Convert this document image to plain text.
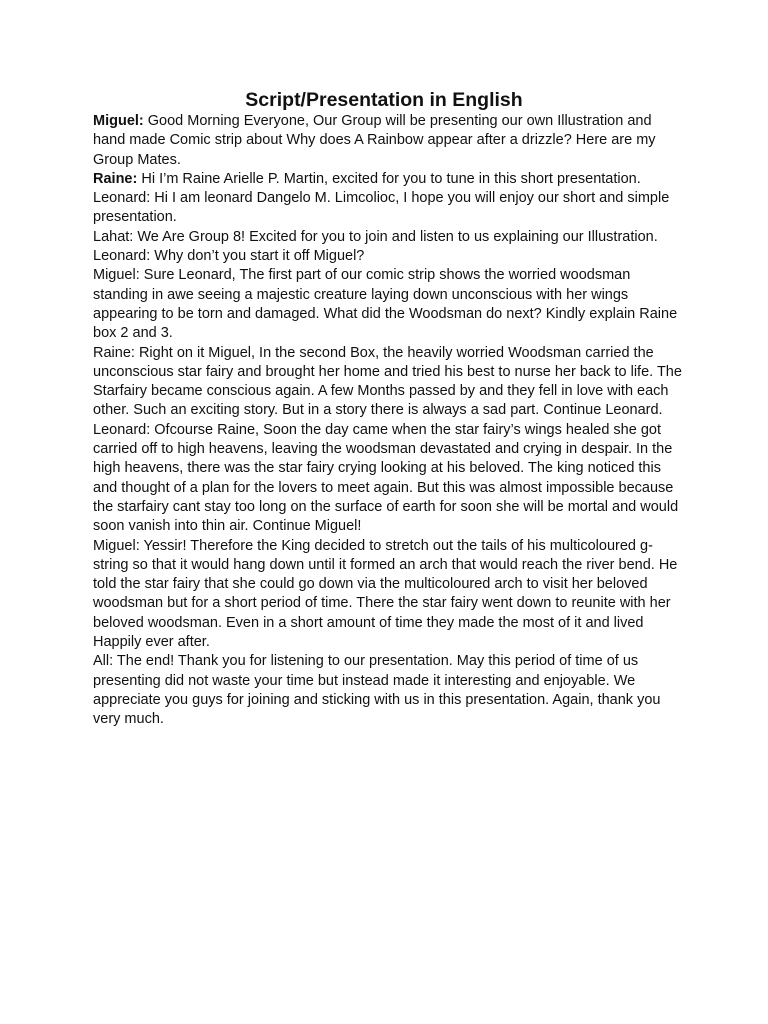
Script/Presentation in English

Miguel: Good Morning Everyone, Our Group will be presenting our own Illustration and hand made Comic strip about Why does A Rainbow appear after a drizzle? Here are my Group Mates.

Raine: Hi I’m Raine Arielle P. Martin, excited for you to tune in this short presentation.

Leonard: Hi I am leonard Dangelo M. Limcolioc, I hope you will enjoy our short and simple presentation.

Lahat: We Are Group 8! Excited for you to join and listen to us explaining our Illustration.

Leonard: Why don’t you start it off Miguel?

Miguel: Sure Leonard, The first part of our comic strip shows the worried woodsman standing in awe seeing a majestic creature laying down unconscious with her wings appearing to be torn and damaged. What did the Woodsman do next? Kindly explain Raine box 2 and 3.

Raine: Right on it Miguel, In the second Box, the heavily worried Woodsman carried the unconscious star fairy and brought her home and tried his best to nurse her back to life. The Starfairy became conscious again. A few Months passed by and they fell in love with each other. Such an exciting story. But in a story there is always a sad part. Continue Leonard.

Leonard: Ofcourse Raine, Soon the day came when the star fairy’s wings healed she got carried off to high heavens, leaving the woodsman devastated and crying in despair. In the high heavens, there was the star fairy crying looking at his beloved. The king noticed this and thought of a plan for the lovers to meet again. But this was almost impossible because the starfairy cant stay too long on the surface of earth for soon she will be mortal and would soon vanish into thin air. Continue Miguel!

Miguel: Yessir! Therefore the King decided to stretch out the tails of his multicoloured g- string so that it would hang down until it formed an arch that would reach the river bend. He told the star fairy that she could go down via the multicoloured arch to visit her beloved woodsman but for a short period of time. There the star fairy went down to reunite with her beloved woodsman. Even in a short amount of time they made the most of it and lived Happily ever after.

All: The end! Thank you for listening to our presentation. May this period of time of us presenting did not waste your time but instead made it interesting and enjoyable. We appreciate you guys for joining and sticking with us in this presentation. Again, thank you very much.
